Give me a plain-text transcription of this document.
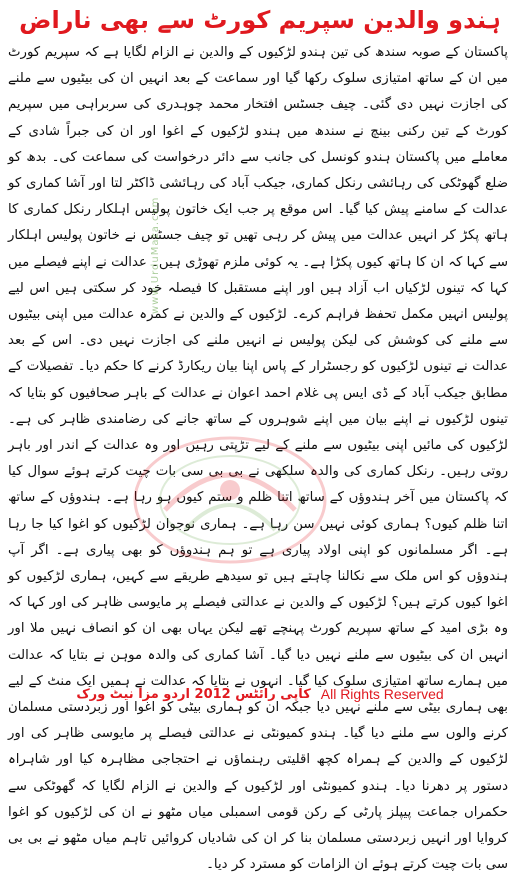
ہندو والدین سپریم کورٹ سے بھی ناراض
پاکستان کے صوبہ سندھ کی تین ہندو لڑکیوں کے والدین نے الزام لگایا ہے کہ سپریم کورٹ میں ان کے ساتھ امتیازی سلوک رکھا گیا اور سماعت کے بعد انہیں ان کی بیٹیوں سے ملنے کی اجازت نہیں دی گئی۔ چیف جسٹس افتخار محمد چوہدری کی سربراہی میں سپریم کورٹ کے تین رکنی بینچ نے سندھ میں ہندو لڑکیوں کے اغوا اور ان کی جبراً شادی کے معاملے میں پاکستان ہندو کونسل کی جانب سے دائر درخواست کی سماعت کی۔ بدھ کو ضلع گھوٹکی کی رہائشی رنکل کماری، جیکب آباد کی رہائشی ڈاکٹر لتا اور آشا کماری کو عدالت کے سامنے پیش کیا گیا۔ اس موقع پر جب ایک خاتون پولیس اہلکار رنکل کماری کا ہاتھ پکڑ کر انہیں عدالت میں پیش کر رہی تھیں تو چیف جسٹس نے خاتون پولیس اہلکار سے کہا کہ ان کا ہاتھ کیوں پکڑا ہے۔ یہ کوئی ملزم تھوڑی ہیں۔ عدالت نے اپنے فیصلے میں کہا کہ تینوں لڑکیاں اب آزاد ہیں اور اپنے مستقبل کا فیصلہ خود کر سکتی ہیں اس لیے پولیس انہیں مکمل تحفظ فراہم کرے۔ لڑکیوں کے والدین نے کمرہ عدالت میں اپنی بیٹیوں سے ملنے کی کوشش کی لیکن پولیس نے انہیں ملنے کی اجازت نہیں دی۔ اس کے بعد عدالت نے تینوں لڑکیوں کو رجسٹرار کے پاس اپنا بیان ریکارڈ کرنے کا حکم دیا۔ تفصیلات کے مطابق جیکب آباد کے ڈی ایس پی غلام احمد اعوان نے عدالت کے باہر صحافیوں کو بتایا کہ تینوں لڑکیوں نے اپنے بیان میں اپنے شوہروں کے ساتھ جانے کی رضامندی ظاہر کی ہے۔ لڑکیوں کی مائیں اپنی بیٹیوں سے ملنے کے لیے تڑپتی رہیں اور وہ عدالت کے اندر اور باہر روتی رہیں۔ رنکل کماری کی والدہ سلکھی نے بی بی سی بات چیت کرتے ہوئے سوال کیا کہ پاکستان میں آخر ہندوؤں کے ساتھ اتنا ظلم و ستم کیوں ہو رہا ہے۔ ہندوؤں کے ساتھ اتنا ظلم کیوں؟ ہماری کوئی نہیں سن رہا ہے۔ ہماری نوجوان لڑکیوں کو اغوا کیا جا رہا ہے۔ اگر مسلمانوں کو اپنی اولاد پیاری ہے تو ہم ہندوؤں کو بھی پیاری ہے۔ اگر آپ ہندوؤں کو اس ملک سے نکالنا چاہتے ہیں تو سیدھے طریقے سے کہیں، ہماری لڑکیوں کو اغوا کیوں کرتے ہیں؟ لڑکیوں کے والدین نے عدالتی فیصلے پر مایوسی ظاہر کی اور کہا کہ وہ بڑی امید کے ساتھ سپریم کورٹ پہنچے تھے لیکن یہاں بھی ان کو انصاف نہیں ملا اور انہیں ان کی بیٹیوں سے ملنے نہیں دیا گیا۔ آشا کماری کی والدہ موہن نے بتایا کہ عدالت میں ہمارے ساتھ امتیازی سلوک کیا گیا۔ انہوں نے بتایا کہ عدالت نے ہمیں ایک منٹ کے لیے بھی ہماری بیٹی سے ملنے نہیں دیا جبکہ ان کو ہماری بیٹی کو اغوا اور زبردستی مسلمان کرنے والوں سے ملنے دیا گیا۔ ہندو کمیونٹی نے عدالتی فیصلے پر مایوسی ظاہر کی اور لڑکیوں کے والدین کے ہمراہ کچھ اقلیتی رہنماؤں نے احتجاجی مظاہرہ کیا اور شاہراہ دستور پر دھرنا دیا۔ ہندو کمیونٹی اور لڑکیوں کے والدین نے الزام لگایا کہ گھوٹکی سے حکمراں جماعت پیپلز پارٹی کے رکن قومی اسمبلی میاں مٹھو نے ان کی لڑکیوں کو اغوا کروایا اور انہیں زبردستی مسلمان بنا کر ان کی شادیاں کروائیں تاہم میاں مٹھو نے بی بی سی بات چیت کرتے ہوئے ان الزامات کو مسترد کر دیا۔
www.UrduMaza.com
کاپی رائٹس 2012 اردو مزا نیٹ ورک All Rights Reserved
